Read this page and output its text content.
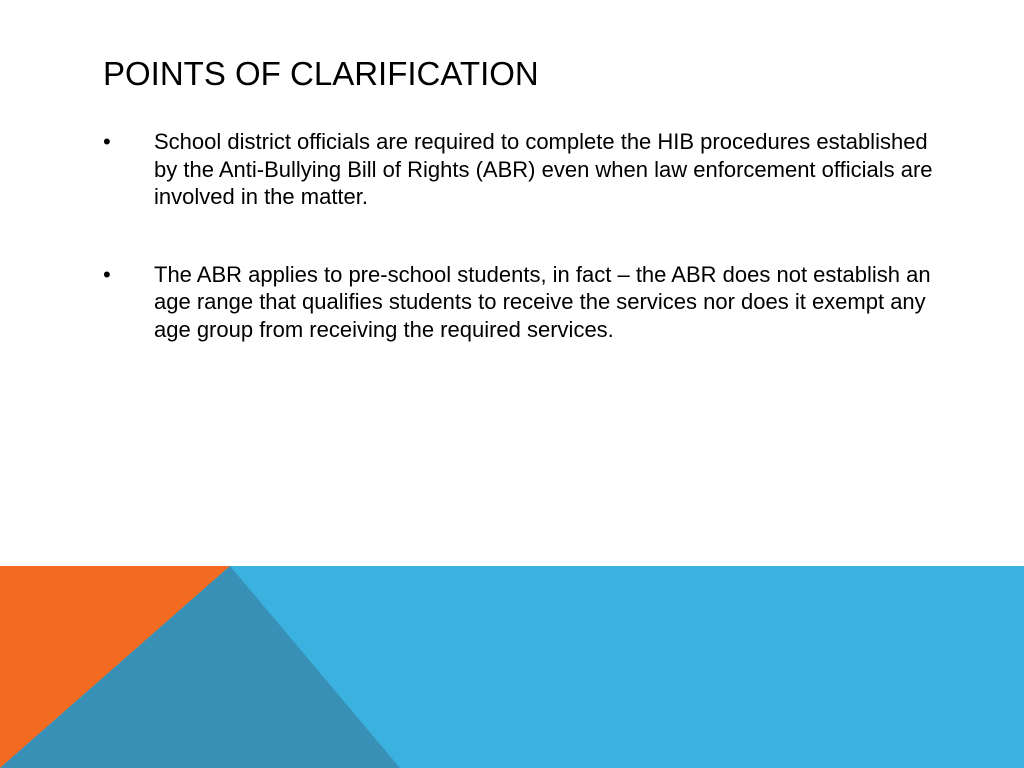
POINTS OF CLARIFICATION
• School district officials are required to complete the HIB procedures established by the Anti-Bullying Bill of Rights (ABR) even when law enforcement officials are involved in the matter.
• The ABR applies to pre-school students, in fact – the ABR does not establish an age range that qualifies students to receive the services nor does it exempt any age group from receiving the required services.
